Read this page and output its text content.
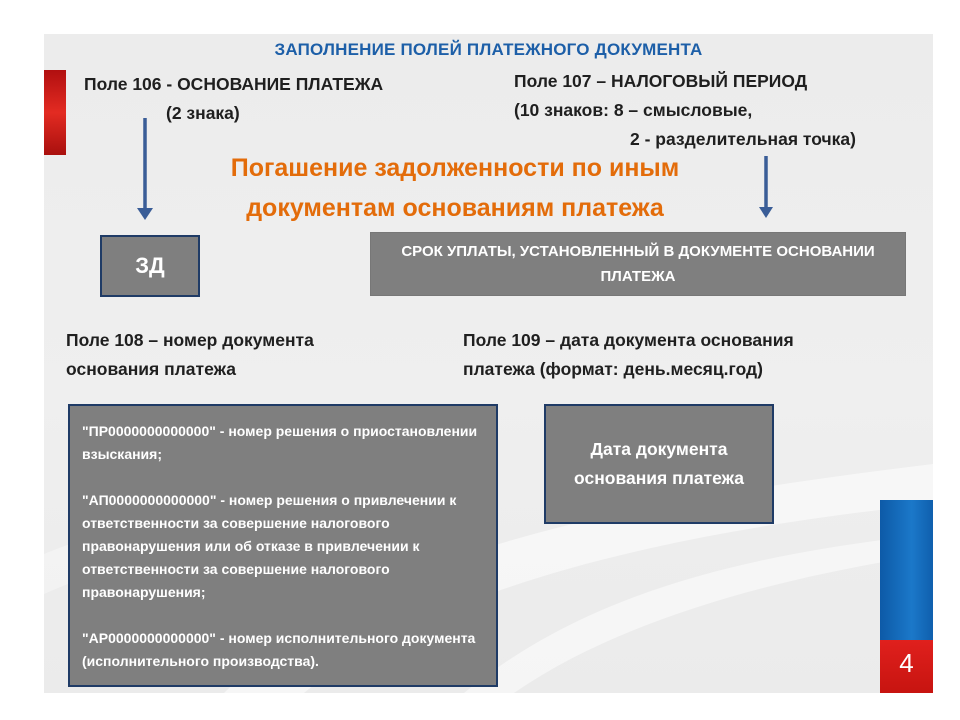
4
ЗАПОЛНЕНИЕ ПОЛЕЙ ПЛАТЕЖНОГО ДОКУМЕНТА
Поле 106 - ОСНОВАНИЕ ПЛАТЕЖА
(2 знака)
Поле 107 – НАЛОГОВЫЙ ПЕРИОД
(10 знаков: 8 – смысловые,
2 - разделительная точка)
Погашение задолженности по иным
документам основаниям платежа
ЗД
СРОК УПЛАТЫ, УСТАНОВЛЕННЫЙ В ДОКУМЕНТЕ ОСНОВАНИИ ПЛАТЕЖА
Поле 108 – номер документа
основания платежа
Поле 109 – дата документа основания
платежа (формат: день.месяц.год)

"ПР0000000000000" - номер решения о приостановлении взыскания;

"АП0000000000000" - номер решения о привлечении к ответственности за совершение налогового правонарушения или об отказе в привлечении к ответственности за совершение налогового правонарушения;

"АР0000000000000" - номер исполнительного документа (исполнительного производства).

Дата документа основания платежа
